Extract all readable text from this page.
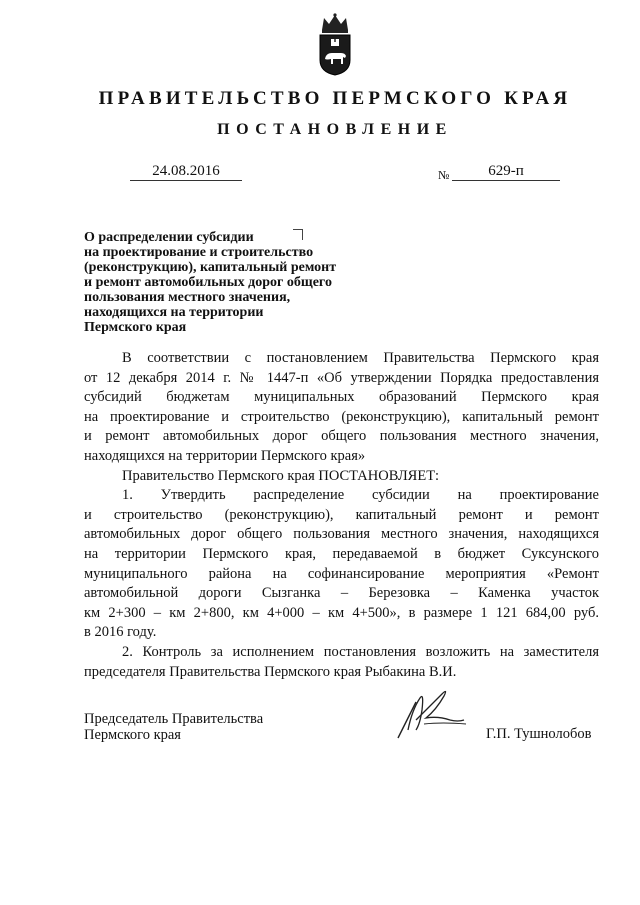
ПРАВИТЕЛЬСТВО ПЕРМСКОГО КРАЯ
ПОСТАНОВЛЕНИЕ
24.08.2016	№	629-п
О распределении субсидии
на проектирование и строительство
(реконструкцию), капитальный ремонт
и ремонт автомобильных дорог общего
пользования местного значения,
находящихся на территории
Пермского края
В соответствии с постановлением Правительства Пермского края
от 12 декабря 2014 г. № 1447-п «Об утверждении Порядка предоставления
субсидий бюджетам муниципальных образований Пермского края
на проектирование и строительство (реконструкцию), капитальный ремонт
и ремонт автомобильных дорог общего пользования местного значения,
находящихся на территории Пермского края»
Правительство Пермского края ПОСТАНОВЛЯЕТ:
1. Утвердить распределение субсидии на проектирование
и строительство (реконструкцию), капитальный ремонт и ремонт
автомобильных дорог общего пользования местного значения, находящихся
на территории Пермского края, передаваемой в бюджет Суксунского
муниципального района на софинансирование мероприятия «Ремонт
автомобильной дороги Сызганка – Березовка – Каменка участок
км 2+300 – км 2+800, км 4+000 – км 4+500», в размере 1 121 684,00 руб.
в 2016 году.
2. Контроль за исполнением постановления возложить на заместителя
председателя Правительства Пермского края Рыбакина В.И.
Председатель Правительства
Пермского края	Г.П. Тушнолобов
